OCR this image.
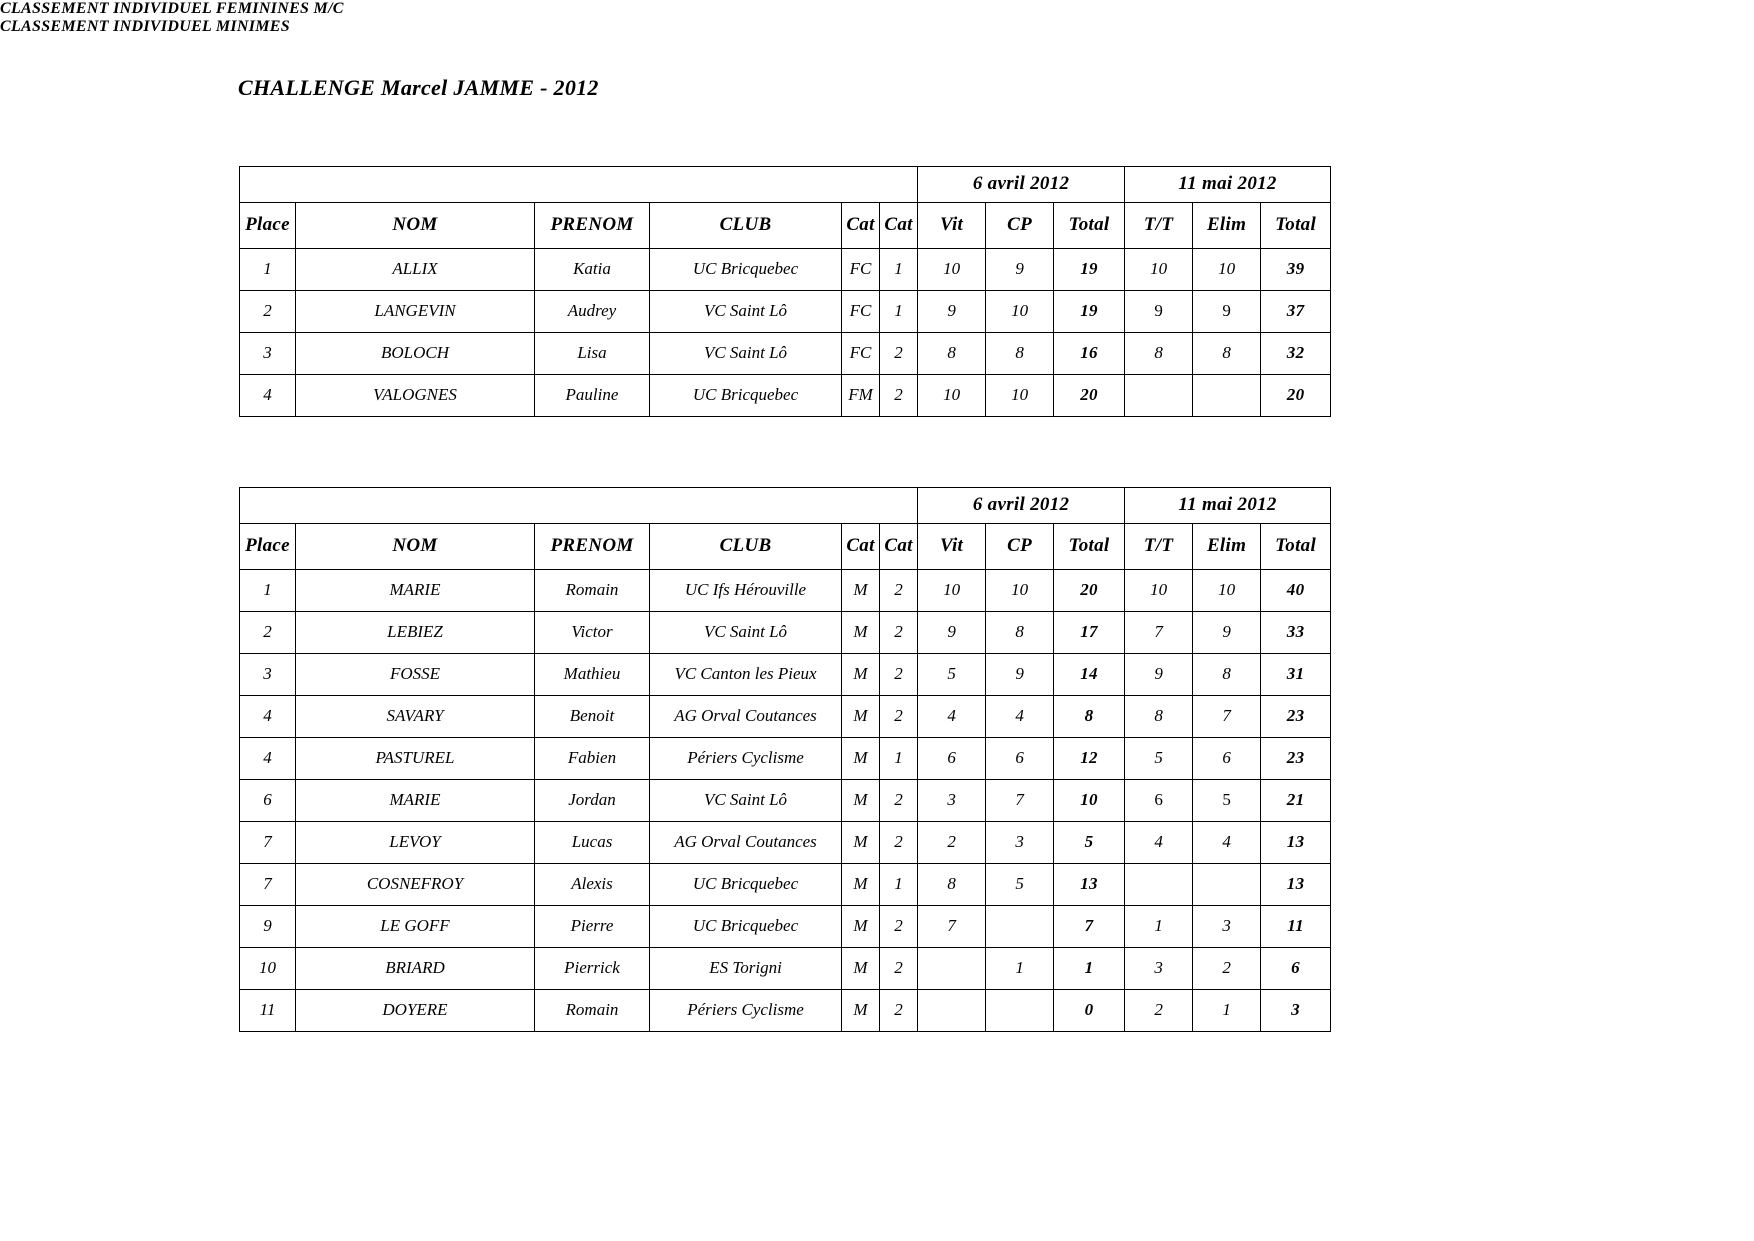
CHALLENGE Marcel JAMME - 2012
CLASSEMENT INDIVIDUEL FEMININES M/C
						6 avril 2012			11 mai 2012		
Place	NOM	PRENOM	CLUB	Cat	Cat	Vit	CP	Total	T/T	Elim	Total
1	ALLIX	Katia	UC Bricquebec	FC	1	10	9	19	10	10	39
2	LANGEVIN	Audrey	VC Saint Lô	FC	1	9	10	19	9	9	37
3	BOLOCH	Lisa	VC Saint Lô	FC	2	8	8	16	8	8	32
4	VALOGNES	Pauline	UC Bricquebec	FM	2	10	10	20			20
CLASSEMENT INDIVIDUEL MINIMES
						6 avril 2012			11 mai 2012		
Place	NOM	PRENOM	CLUB	Cat	Cat	Vit	CP	Total	T/T	Elim	Total
1	MARIE	Romain	UC Ifs Hérouville	M	2	10	10	20	10	10	40
2	LEBIEZ	Victor	VC Saint Lô	M	2	9	8	17	7	9	33
3	FOSSE	Mathieu	VC Canton les Pieux	M	2	5	9	14	9	8	31
4	SAVARY	Benoit	AG Orval Coutances	M	2	4	4	8	8	7	23
4	PASTUREL	Fabien	Périers Cyclisme	M	1	6	6	12	5	6	23
6	MARIE	Jordan	VC Saint Lô	M	2	3	7	10	6	5	21
7	LEVOY	Lucas	AG Orval Coutances	M	2	2	3	5	4	4	13
7	COSNEFROY	Alexis	UC Bricquebec	M	1	8	5	13			13
9	LE GOFF	Pierre	UC Bricquebec	M	2	7		7	1	3	11
10	BRIARD	Pierrick	ES Torigni	M	2		1	1	3	2	6
11	DOYERE	Romain	Périers Cyclisme	M	2			0	2	1	3
